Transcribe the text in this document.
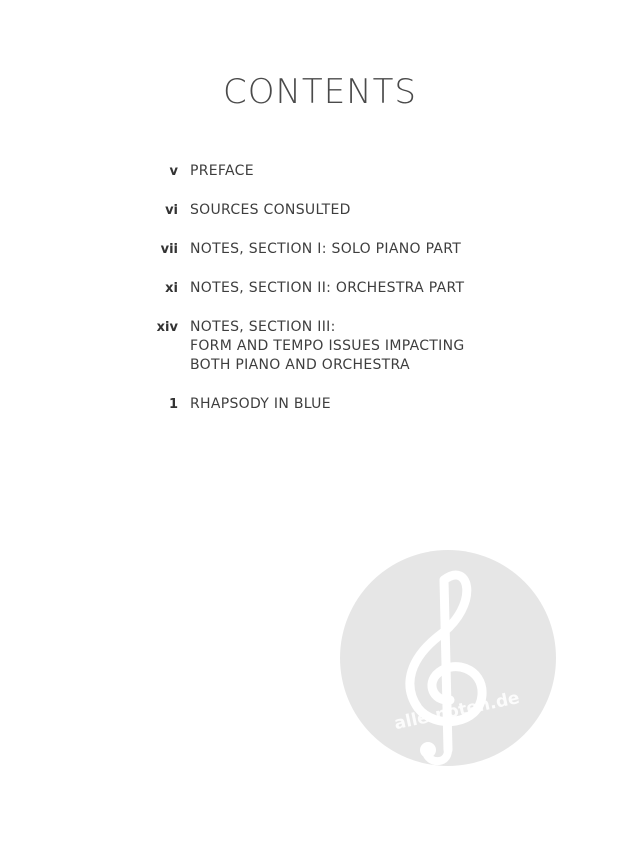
CONTENTS
v PREFACE
vi SOURCES CONSULTED
vii NOTES, SECTION I: SOLO PIANO PART
xi NOTES, SECTION II: ORCHESTRA PART
xiv NOTES, SECTION III:
FORM AND TEMPO ISSUES IMPACTING
BOTH PIANO AND ORCHESTRA
1 RHAPSODY IN BLUE
alle-noten.de
